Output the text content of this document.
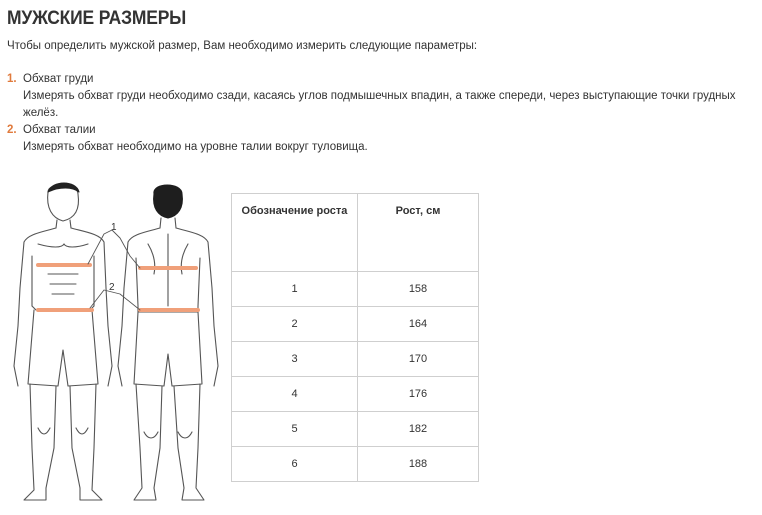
МУЖСКИЕ РАЗМЕРЫ
Чтобы определить мужской размер, Вам необходимо измерить следующие параметры:
1. Обхват груди
Измерять обхват груди необходимо сзади, касаясь углов подмышечных впадин, а также спереди, через выступающие точки грудных желёз.
2. Обхват талии
Измерять обхват необходимо на уровне талии вокруг туловища.
1
2
Обозначение роста	Рост, см
1	158
2	164
3	170
4	176
5	182
6	188
